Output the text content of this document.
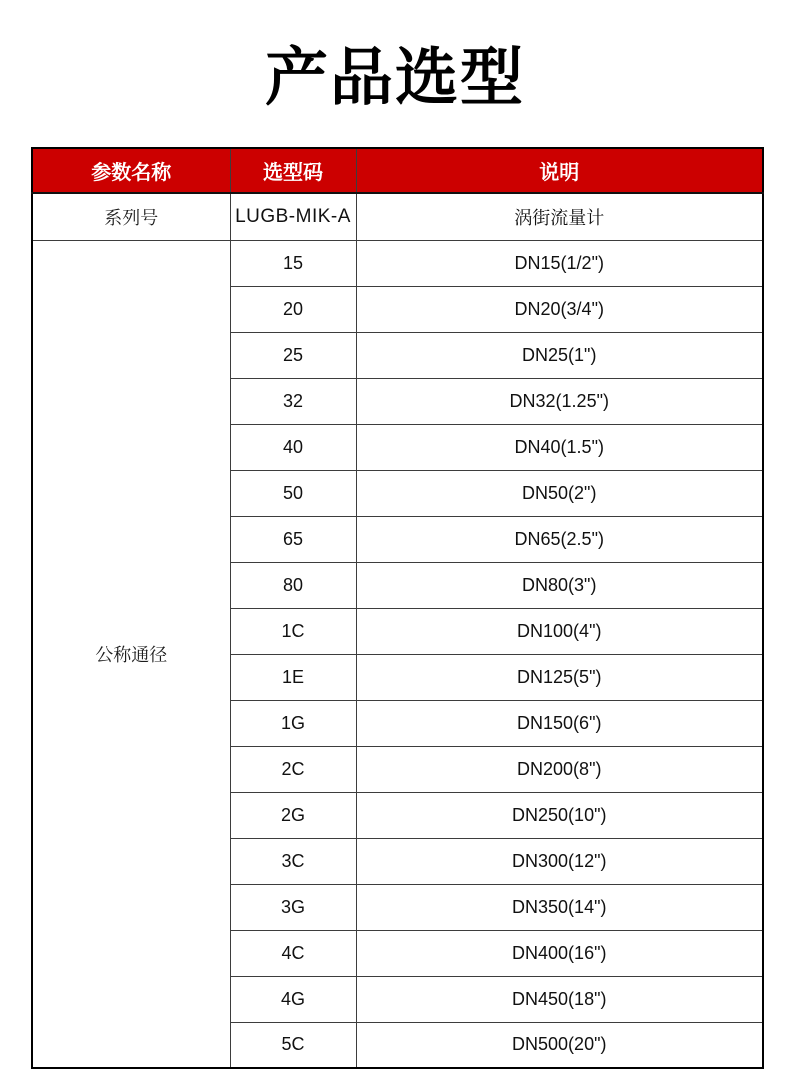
产品选型
参数名称	选型码	说明
系列号	LUGB-MIK-A	涡街流量计
公称通径	15	DN15(1/2")
	20	DN20(3/4")
	25	DN25(1")
	32	DN32(1.25")
	40	DN40(1.5")
	50	DN50(2")
	65	DN65(2.5")
	80	DN80(3")
	1C	DN100(4")
	1E	DN125(5")
	1G	DN150(6")
	2C	DN200(8")
	2G	DN250(10")
	3C	DN300(12")
	3G	DN350(14")
	4C	DN400(16")
	4G	DN450(18")
	5C	DN500(20")
